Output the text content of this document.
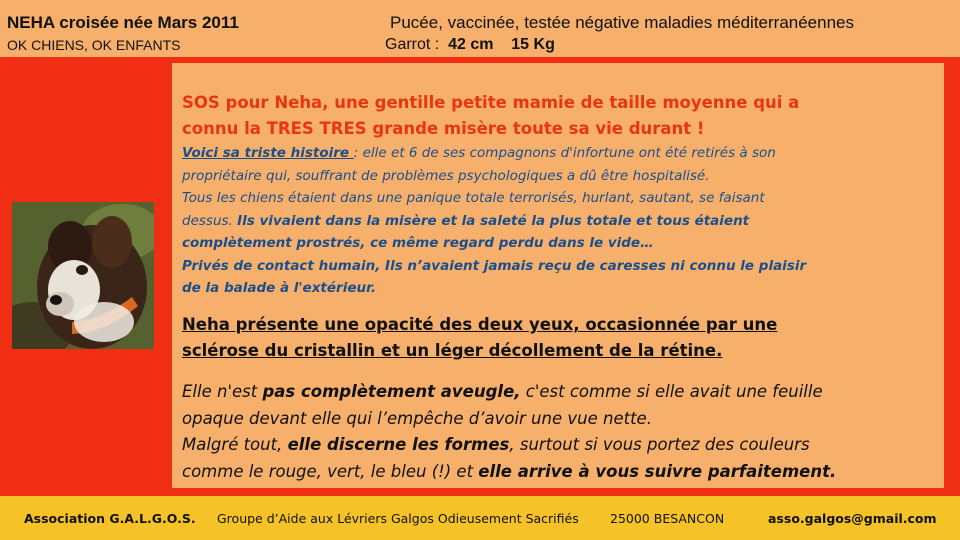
NEHA croisée née Mars 2011	Pucée, vaccinée, testée négative maladies méditerranéennes
OK CHIENS, OK ENFANTS	Garrot : 42 cm 15 Kg

SOS pour Neha, une gentille petite mamie de taille moyenne qui a
connu la TRES TRES grande misère toute sa vie durant !

Voici sa triste histoire : elle et 6 de ses compagnons d'infortune ont été retirés à son
propriétaire qui, souffrant de problèmes psychologiques a dû être hospitalisé.
Tous les chiens étaient dans une panique totale terrorisés, hurlant, sautant, se faisant
dessus. Ils vivaient dans la misère et la saleté la plus totale et tous étaient
complètement prostrés, ce même regard perdu dans le vide…
Privés de contact humain, Ils n’avaient jamais reçu de caresses ni connu le plaisir
de la balade à l'extérieur.

Neha présente une opacité des deux yeux, occasionnée par une
sclérose du cristallin et un léger décollement de la rétine.

Elle n'est pas complètement aveugle, c'est comme si elle avait une feuille
opaque devant elle qui l’empêche d’avoir une vue nette.
Malgré tout, elle discerne les formes, surtout si vous portez des couleurs
comme le rouge, vert, le bleu (!) et elle arrive à vous suivre parfaitement.

Association G.A.L.G.O.S. Groupe d’Aide aux Lévriers Galgos Odieusement Sacrifiés	25000 BESANCON	asso.galgos@gmail.com
